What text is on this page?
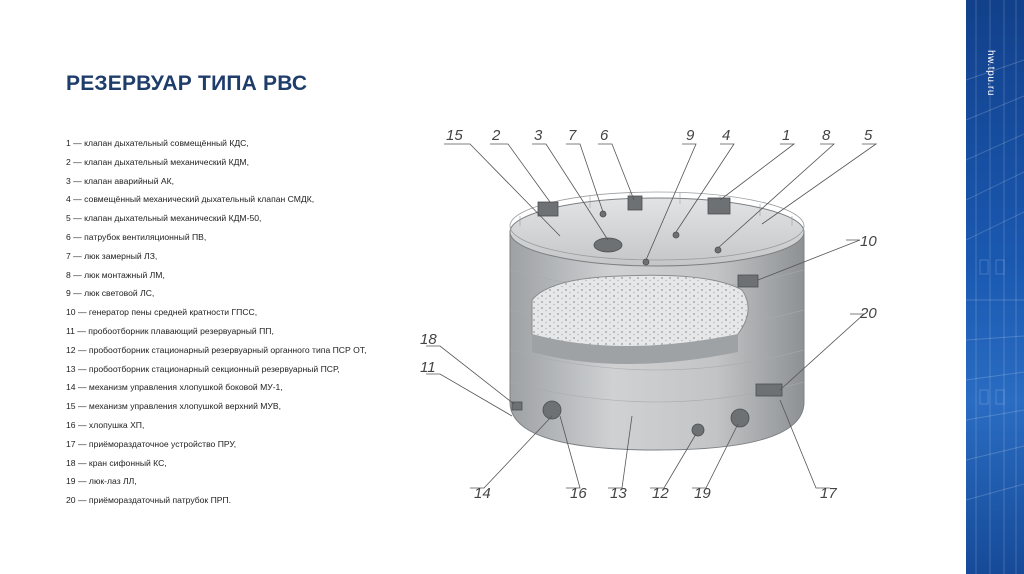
РЕЗЕРВУАР ТИПА РВС
1 — клапан дыхательный совмещённый КДС,
2 — клапан дыхательный механический КДМ,
3 — клапан аварийный АК,
4 — совмещённый механический дыхательный клапан СМДК,
5 — клапан дыхательный механический КДМ-50,
6 — патрубок вентиляционный ПВ,
7 — люк замерный ЛЗ,
8 — люк монтажный ЛМ,
9 — люк световой ЛС,
10 — генератор пены средней кратности ГПСС,
11 — пробоотборник плавающий резервуарный ПП,
12 — пробоотборник стационарный резервуарный органного типа ПСР ОТ,
13 — пробоотборник стационарный секционный резервуарный ПСР,
14 — механизм управления хлопушкой боковой МУ-1,
15 — механизм управления хлопушкой верхний МУВ,
16 — хлопушка ХП,
17 — приёмораздаточное устройство ПРУ,
18 — кран сифонный КС,
19 — люк-лаз ЛЛ,
20 — приёмораздаточный патрубок ПРП.
hw.tpu.ru
15 2 3 7 6	9 4	1 8 5
10
20
18
11
14	16 13 12 19	17
